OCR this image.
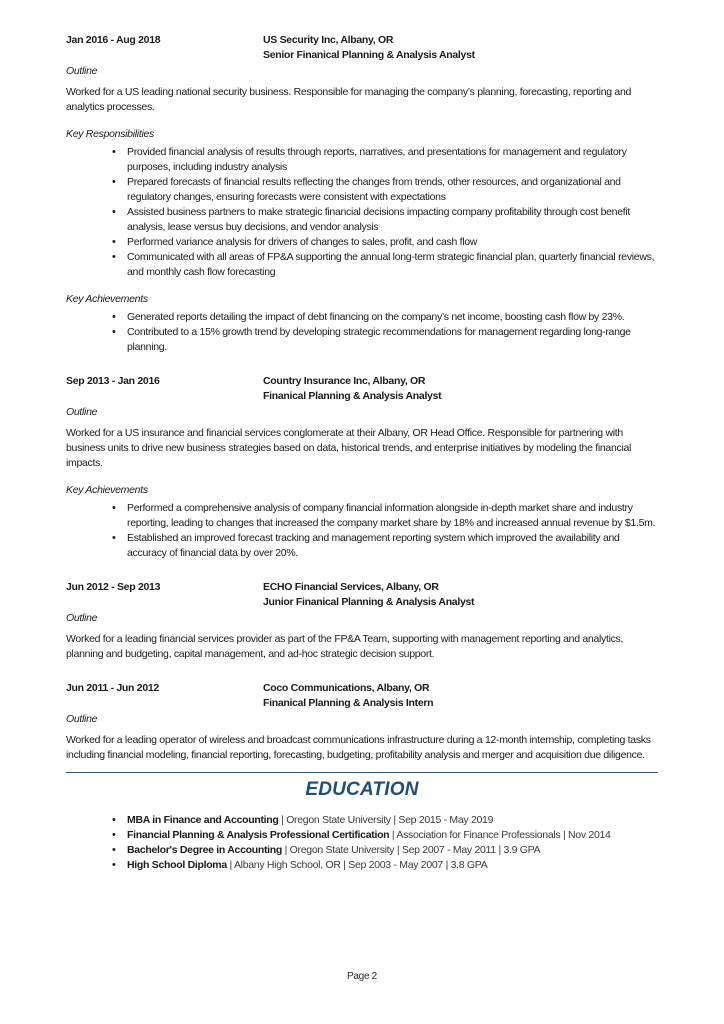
Jan 2016 - Aug 2018	US Security Inc, Albany, OR
Senior Finanical Planning & Analysis Analyst
Outline

Worked for a US leading national security business. Responsible for managing the company’s planning, forecasting, reporting and analytics processes.

Key Responsibilities
• Provided financial analysis of results through reports, narratives, and presentations for management and regulatory purposes, including industry analysis
• Prepared forecasts of financial results reflecting the changes from trends, other resources, and organizational and regulatory changes, ensuring forecasts were consistent with expectations
• Assisted business partners to make strategic financial decisions impacting company profitability through cost benefit analysis, lease versus buy decisions, and vendor analysis
• Performed variance analysis for drivers of changes to sales, profit, and cash flow
• Communicated with all areas of FP&A supporting the annual long-term strategic financial plan, quarterly financial reviews, and monthly cash flow forecasting
Key Achievements
• Generated reports detailing the impact of debt financing on the company’s net income, boosting cash flow by 23%.
• Contributed to a 15% growth trend by developing strategic recommendations for management regarding long-range planning.
Sep 2013 - Jan 2016	Country Insurance Inc, Albany, OR
Finanical Planning & Analysis Analyst
Outline

Worked for a US insurance and financial services conglomerate at their Albany, OR Head Office. Responsible for partnering with business units to drive new business strategies based on data, historical trends, and enterprise initiatives by modeling the financial impacts.

Key Achievements
• Performed a comprehensive analysis of company financial information alongside in-depth market share and industry reporting, leading to changes that increased the company market share by 18% and increased annual revenue by $1.5m.
• Established an improved forecast tracking and management reporting system which improved the availability and accuracy of financial data by over 20%.
Jun 2012 - Sep 2013	ECHO Financial Services, Albany, OR
Junior Finanical Planning & Analysis Analyst
Outline

Worked for a leading financial services provider as part of the FP&A Team, supporting with management reporting and analytics, planning and budgeting, capital management, and ad-hoc strategic decision support.

Jun 2011 - Jun 2012	Coco Communications, Albany, OR
Finanical Planning & Analysis Intern
Outline

Worked for a leading operator of wireless and broadcast communications infrastructure during a 12-month internship, completing tasks including financial modeling, financial reporting, forecasting, budgeting, profitability analysis and merger and acquisition due diligence.

EDUCATION
• MBA in Finance and Accounting | Oregon State University | Sep 2015 - May 2019
• Financial Planning & Analysis Professional Certification | Association for Finance Professionals | Nov 2014
• Bachelor's Degree in Accounting | Oregon State University | Sep 2007 - May 2011 | 3.9 GPA
• High School Diploma | Albany High School, OR | Sep 2003 - May 2007 | 3.8 GPA
Page 2
